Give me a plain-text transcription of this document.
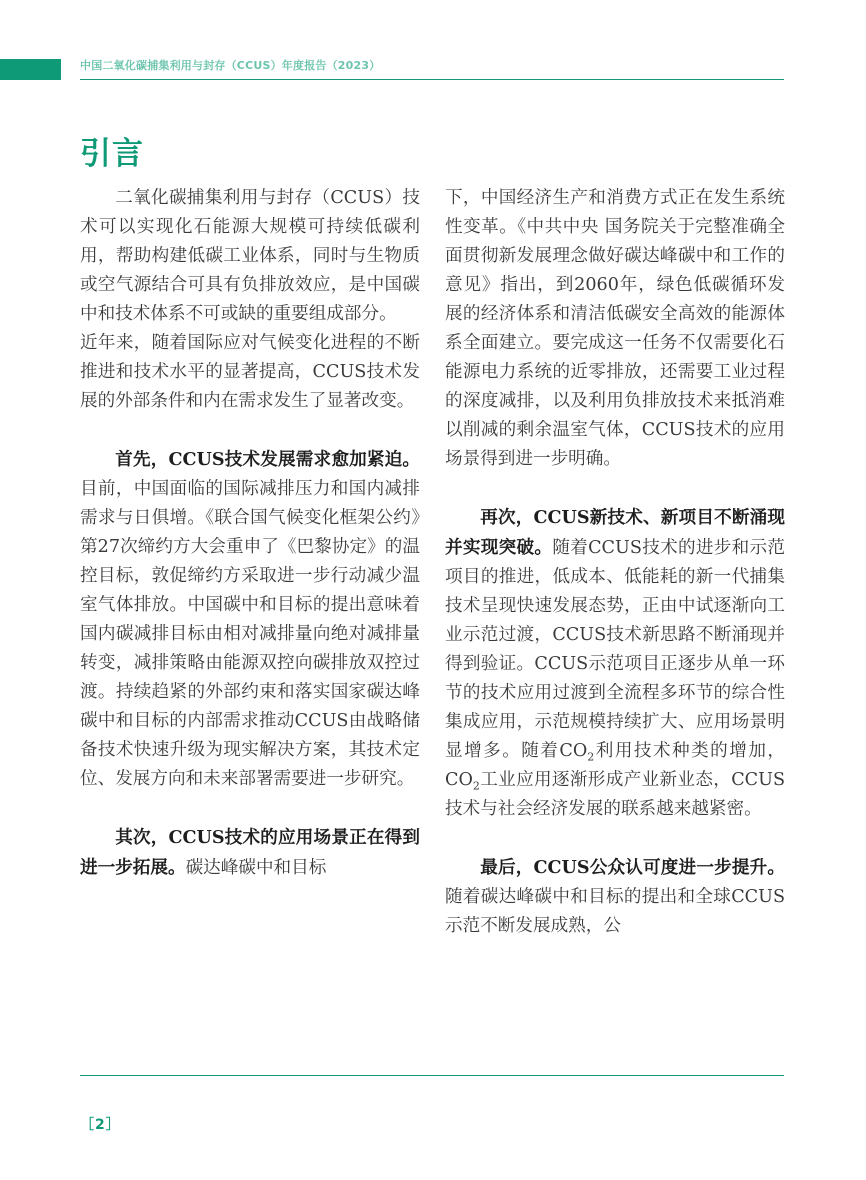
中国二氧化碳捕集利用与封存（CCUS）年度报告（2023）
引言

二氧化碳捕集利用与封存（CCUS）技术可以实现化石能源大规模可持续低碳利用，帮助构建低碳工业体系，同时与生物质或空气源结合可具有负排放效应，是中国碳中和技术体系不可或缺的重要组成部分。

近年来，随着国际应对气候变化进程的不断推进和技术水平的显著提高，CCUS技术发展的外部条件和内在需求发生了显著改变。

首先，CCUS技术发展需求愈加紧迫。目前，中国面临的国际减排压力和国内减排需求与日俱增。《联合国气候变化框架公约》第27次缔约方大会重申了《巴黎协定》的温控目标，敦促缔约方采取进一步行动减少温室气体排放。中国碳中和目标的提出意味着国内碳减排目标由相对减排量向绝对减排量转变，减排策略由能源双控向碳排放双控过渡。持续趋紧的外部约束和落实国家碳达峰碳中和目标的内部需求推动CCUS由战略储备技术快速升级为现实解决方案，其技术定位、发展方向和未来部署需要进一步研究。

其次，CCUS技术的应用场景正在得到进一步拓展。碳达峰碳中和目标

下，中国经济生产和消费方式正在发生系统性变革。《中共中央 国务院关于完整准确全面贯彻新发展理念做好碳达峰碳中和工作的意见》指出，到2060年，绿色低碳循环发展的经济体系和清洁低碳安全高效的能源体系全面建立。要完成这一任务不仅需要化石能源电力系统的近零排放，还需要工业过程的深度减排，以及利用负排放技术来抵消难以削减的剩余温室气体，CCUS技术的应用场景得到进一步明确。

再次，CCUS新技术、新项目不断涌现并实现突破。随着CCUS技术的进步和示范项目的推进，低成本、低能耗的新一代捕集技术呈现快速发展态势，正由中试逐渐向工业示范过渡，CCUS技术新思路不断涌现并得到验证。CCUS示范项目正逐步从单一环节的技术应用过渡到全流程多环节的综合性集成应用，示范规模持续扩大、应用场景明显增多。随着$CO_2$利用技术种类的增加，$CO_2$工业应用逐渐形成产业新业态，CCUS技术与社会经济发展的联系越来越紧密。

最后，CCUS公众认可度进一步提升。随着碳达峰碳中和目标的提出和全球CCUS示范不断发展成熟，公

［2］
